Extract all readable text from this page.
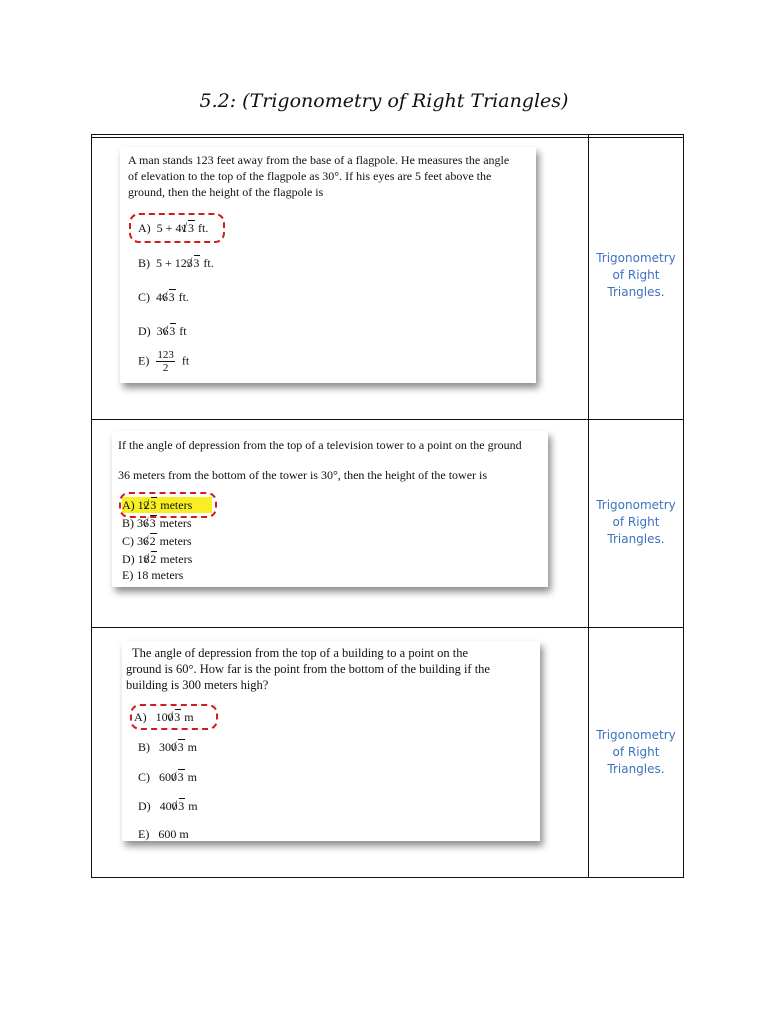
5.2: (Trigonometry of Right Triangles)
A man stands 123 feet away from the base of a flagpole. He measures the angle
of elevation to the top of the flagpole as 30°. If his eyes are 5 feet above the
ground, then the height of the flagpole is
A) 5 + 41√ 3 ft.
B) 5 + 123√ 3 ft.
C) 46√ 3 ft.
D) 36√ 3 ft
$E) \frac{123}{2}$ ft
Trigonometry
of Right
Triangles.
If the angle of depression from the top of a television tower to a point on the ground
36 meters from the bottom of the tower is 30°, then the height of the tower is
A) 12√ 3 meters
B) 36√ 3 meters
C) 36√ 2 meters
D) 18√ 2 meters
E) 18 meters
Trigonometry
of Right
Triangles.
The angle of depression from the top of a building to a point on the
ground is 60°. How far is the point from the bottom of the building if the
building is 300 meters high?
A) 100√ 3 m
B) 300√ 3 m
C) 600√ 3 m
D) 400√ 3 m
E) 600 m
Trigonometry
of Right
Triangles.
